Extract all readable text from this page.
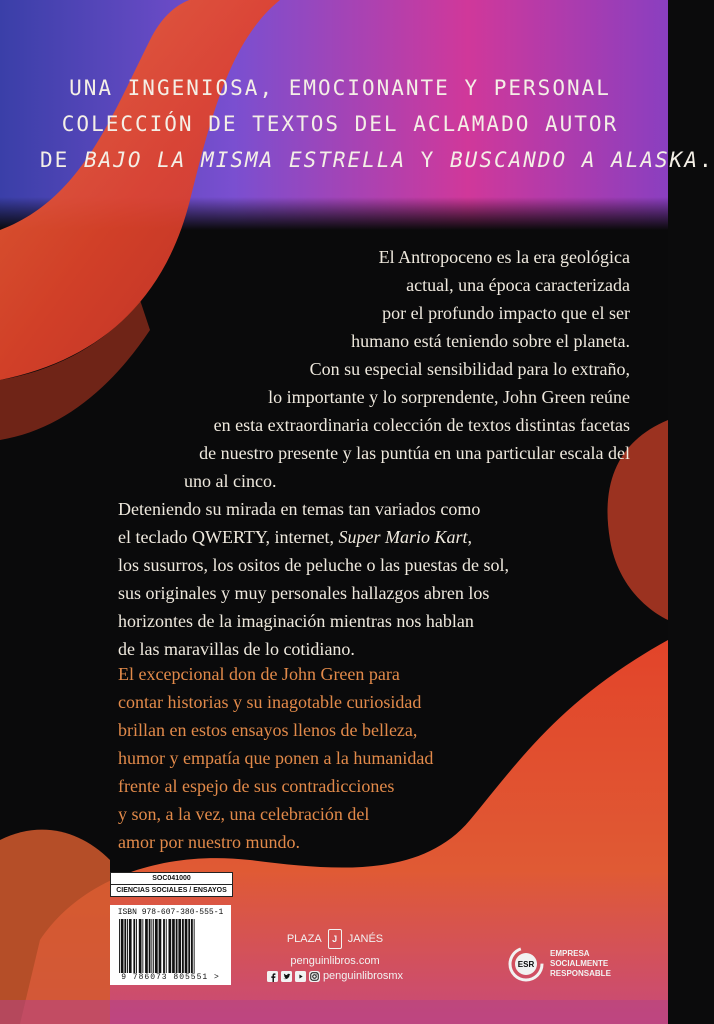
UNA INGENIOSA, EMOCIONANTE Y PERSONAL
COLECCIÓN DE TEXTOS DEL ACLAMADO AUTOR
DE BAJO LA MISMA ESTRELLA Y BUSCANDO A ALASKA.
El Antropoceno es la era geológica
actual, una época caracterizada
por el profundo impacto que el ser
humano está teniendo sobre el planeta.
Con su especial sensibilidad para lo extraño,
lo importante y lo sorprendente, John Green reúne
en esta extraordinaria colección de textos distintas facetas
de nuestro presente y las puntúa en una particular escala del
uno al cinco.
Deteniendo su mirada en temas tan variados como
el teclado QWERTY, internet, Super Mario Kart,
los susurros, los ositos de peluche o las puestas de sol,
sus originales y muy personales hallazgos abren los
horizontes de la imaginación mientras nos hablan
de las maravillas de lo cotidiano.
El excepcional don de John Green para
contar historias y su inagotable curiosidad
brillan en estos ensayos llenos de belleza,
humor y empatía que ponen a la humanidad
frente al espejo de sus contradicciones
y son, a la vez, una celebración del
amor por nuestro mundo.
SOC041000
CIENCIAS SOCIALES / ENSAYOS
ISBN 978-607-380-555-1
9 786073 805551 >
PLAZA	J JANÉS
penguinlibros.com
penguinlibrosmx
ESR
EMPRESA
SOCIALMENTE
RESPONSABLE
